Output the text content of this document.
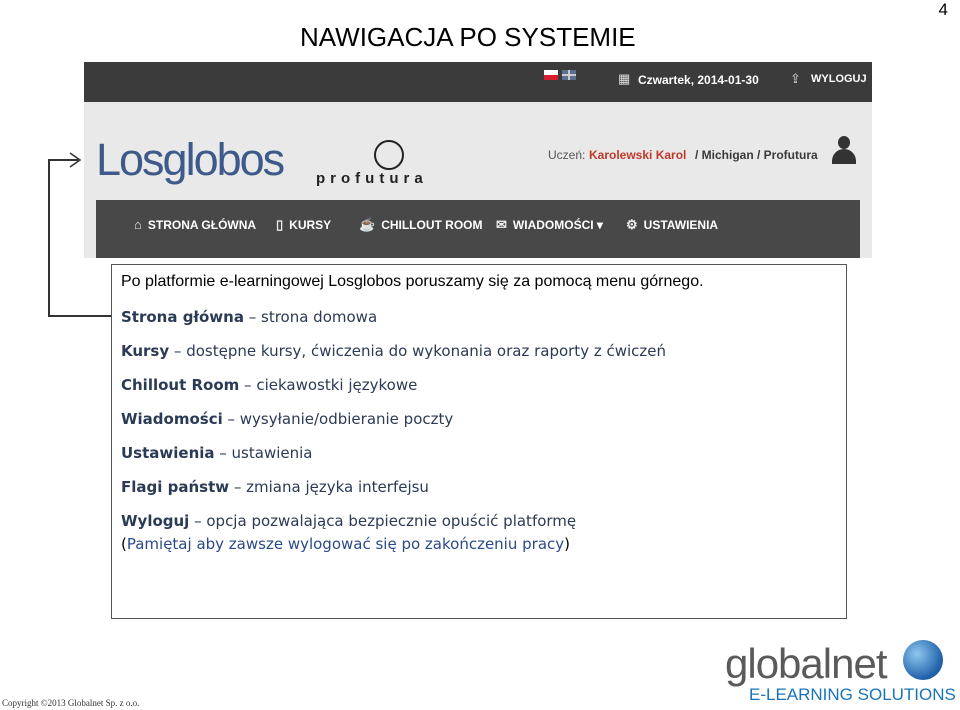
NAWIGACJA PO SYSTEMIE
4
▦ Czwartek, 2014-01-30 ⇪ WYLOGUJ
Losglobos profutura
Uczeń: Karolewski Karol / Michigan / Profutura
⌂ STRONA GŁÓWNA ▯ KURSY ☕ CHILLOUT ROOM ✉ WIADOMOŚCI ▾ ⚙ USTAWIENIA
Po platformie e-learningowej Losglobos poruszamy się za pomocą menu górnego.
Strona główna – strona domowa
Kursy – dostępne kursy, ćwiczenia do wykonania oraz raporty z ćwiczeń
Chillout Room – ciekawostki językowe
Wiadomości – wysyłanie/odbieranie poczty
Ustawienia – ustawienia
Flagi państw – zmiana języka interfejsu
Wyloguj – opcja pozwalająca bezpiecznie opuścić platformę
(Pamiętaj aby zawsze wylogować się po zakończeniu pracy)
Copyright ©2013 Globalnet Sp. z o.o.
globalnet
E-LEARNING SOLUTIONS
